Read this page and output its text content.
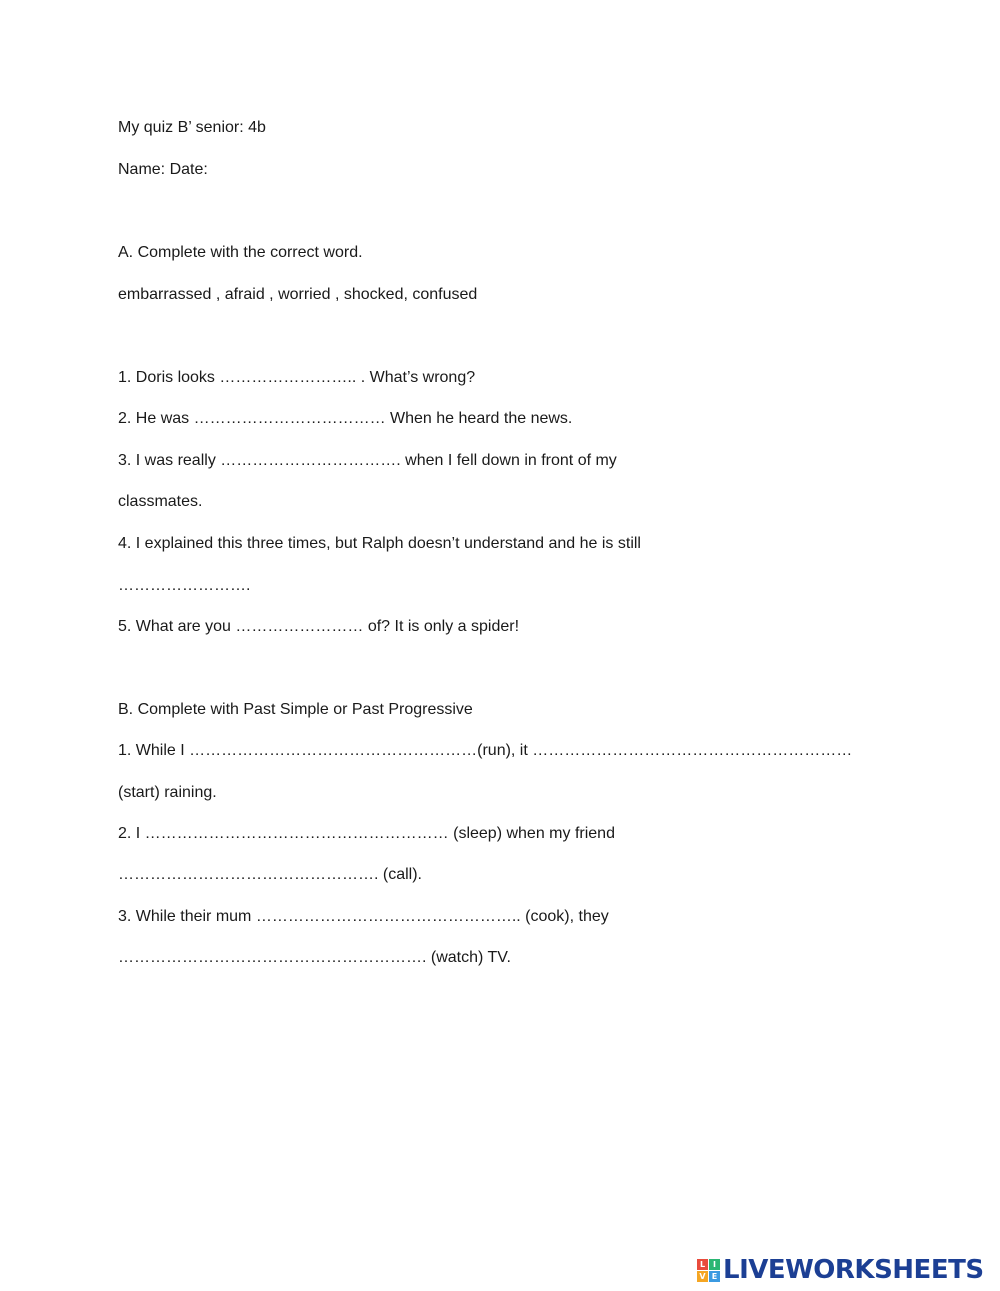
My quiz B’ senior: 4b
Name: Date:
A. Complete with the correct word.
embarrassed , afraid , worried , shocked, confused
1. Doris looks …………………….. . What’s wrong?
2. He was ……………………………… When he heard the news.
3. I was really ……………………………. when I fell down in front of my
classmates.
4. I explained this three times, but Ralph doesn’t understand and he is still
…………………….
5. What are you …………………… of? It is only a spider!
B. Complete with Past Simple or Past Progressive
1. While I ………………………………………………(run), it ……………………………………………………
(start) raining.
2. I ………………………………………………… (sleep) when my friend
…………………………………………. (call).
3. While their mum ………………………………………….. (cook), they
…………………………………………………. (watch) TV.
L I
V E LIVEWORKSHEETS
